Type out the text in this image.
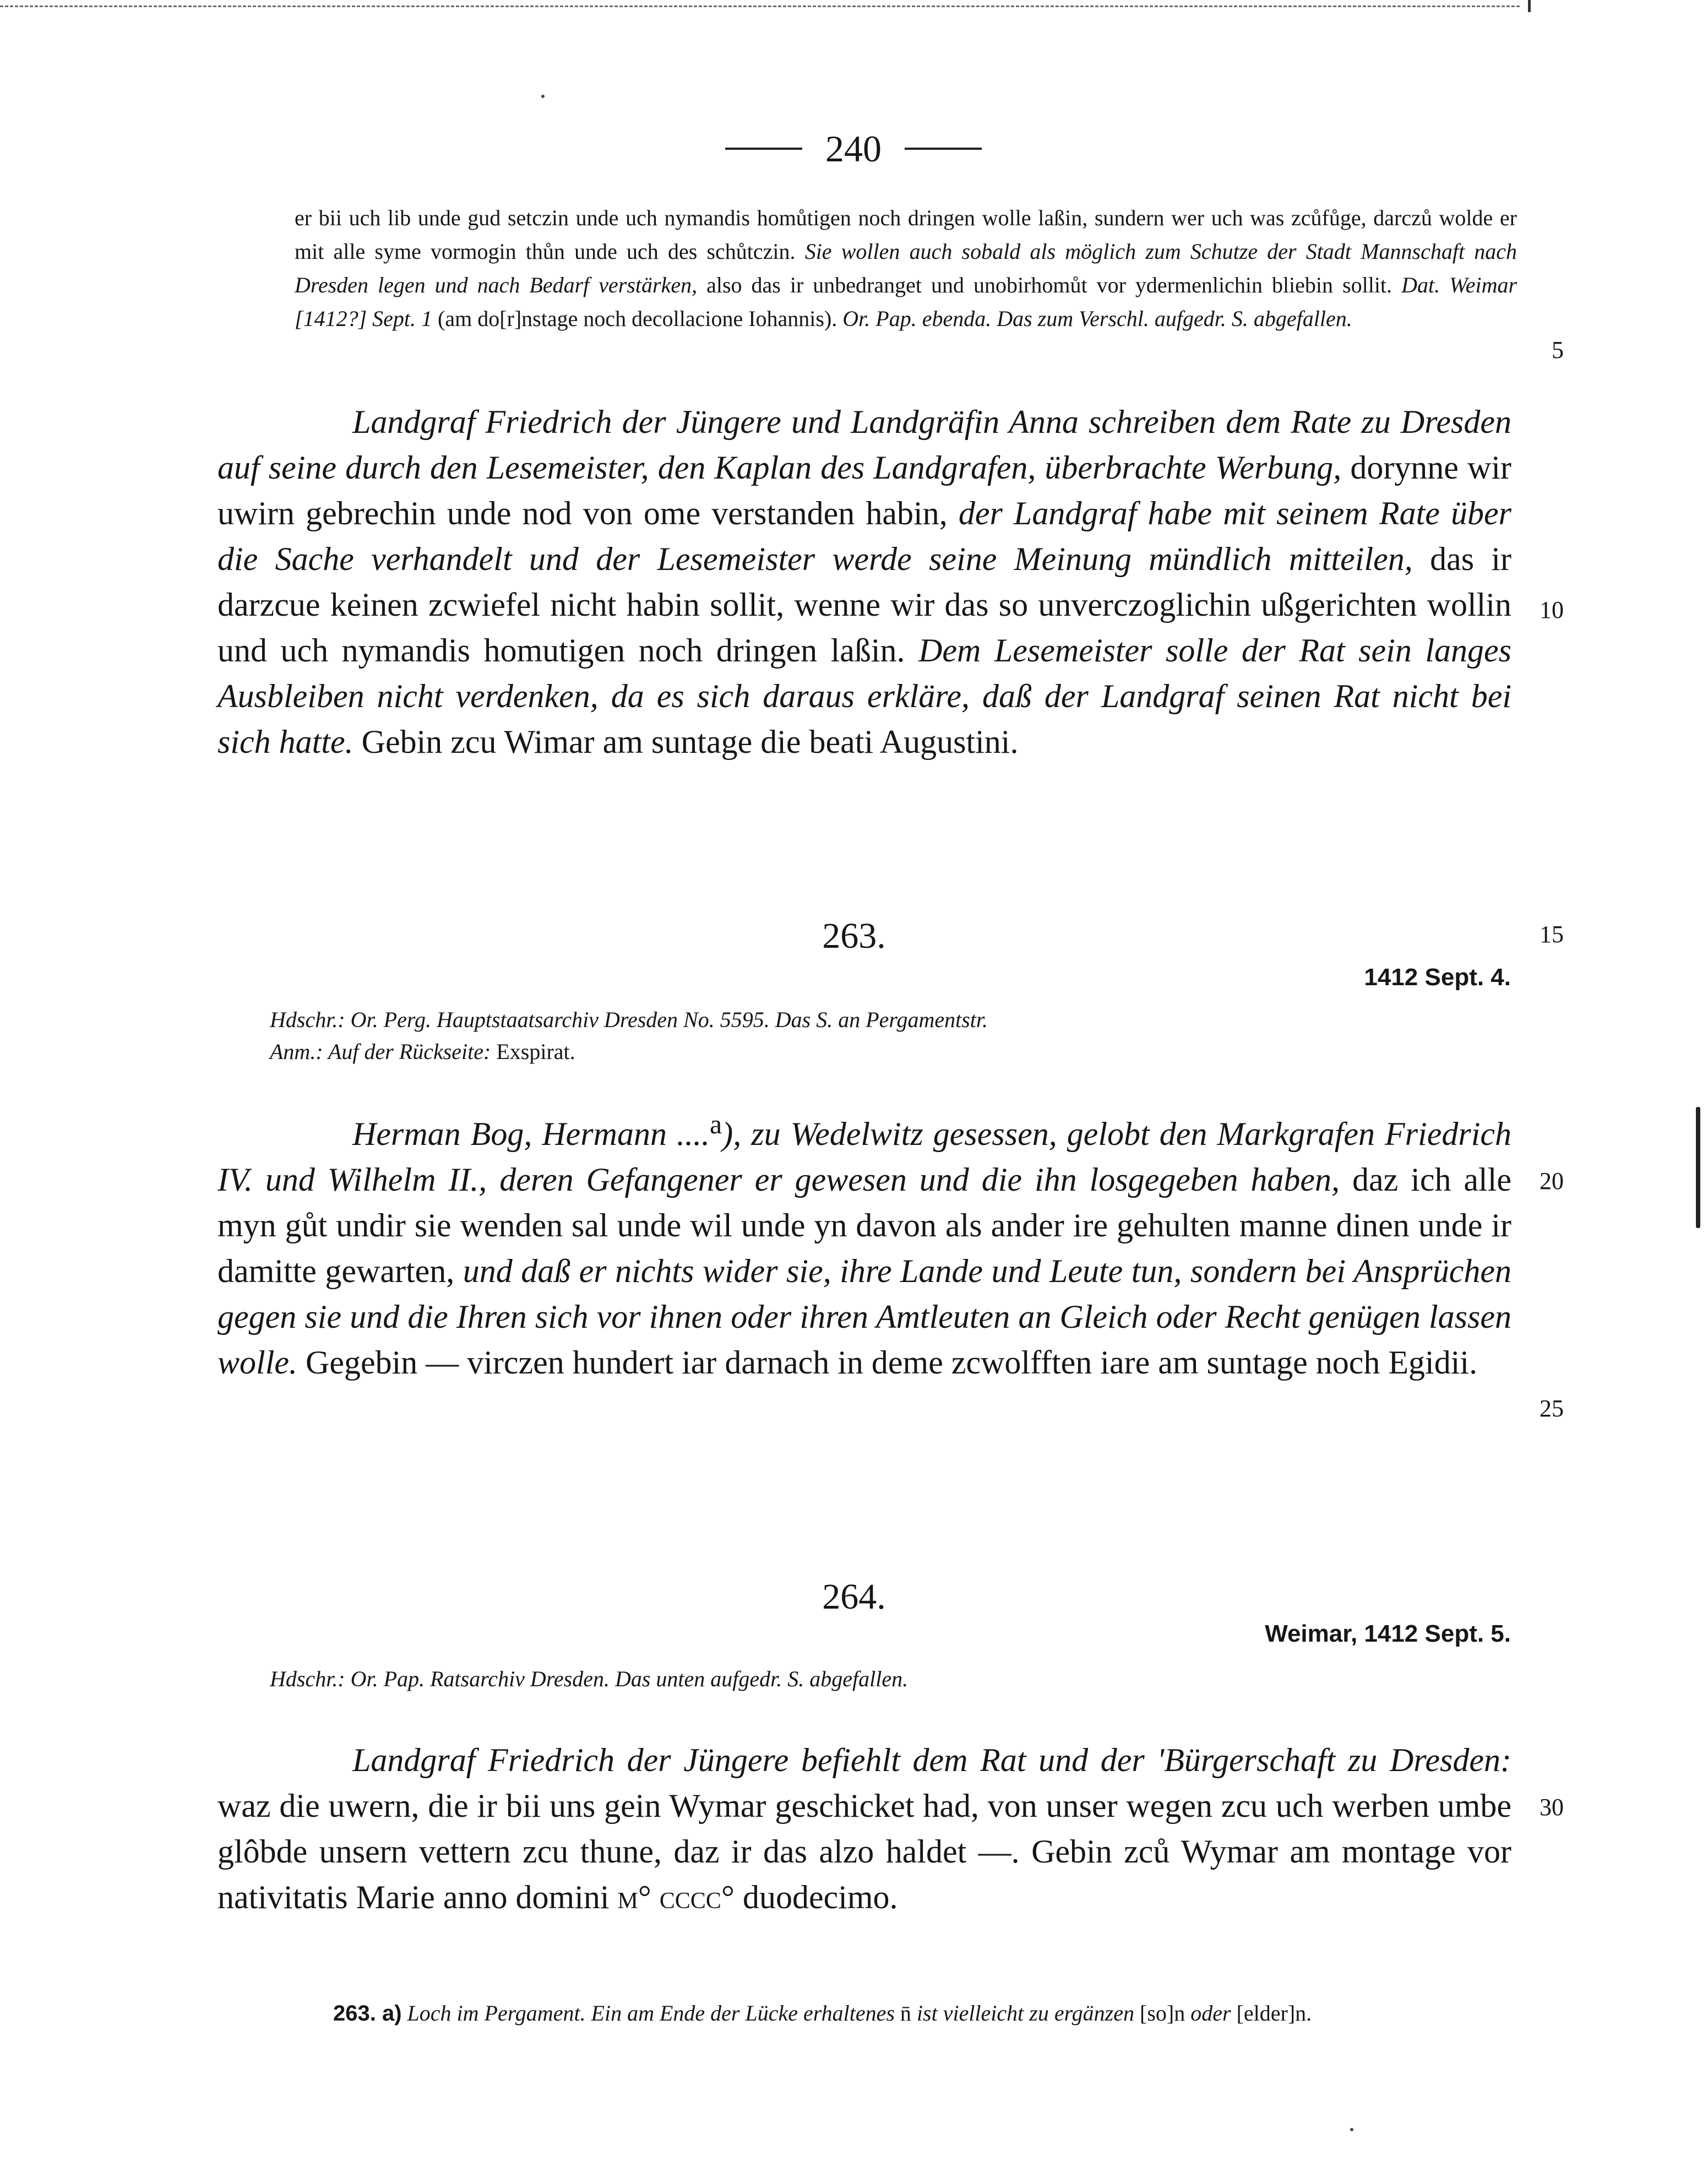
240

er bii uch lib unde gud setczin unde uch nymandis homůtigen noch dringen wolle laßin, sundern wer uch was zcůfůge, darczů wolde er mit alle syme vormogin thůn unde uch des schůtczin. Sie wollen auch sobald als möglich zum Schutze der Stadt Mannschaft nach Dresden legen und nach Bedarf verstärken, also das ir unbedranget und unobirhomůt vor ydermenlichin bliebin sollit. Dat. Weimar [1412?] Sept. 1 (am do[r]nstage noch decollacione Iohannis). Or. Pap. ebenda. Das zum Verschl. aufgedr. S. abgefallen.

Landgraf Friedrich der Jüngere und Landgräfin Anna schreiben dem Rate zu Dresden auf seine durch den Lesemeister, den Kaplan des Landgrafen, überbrachte Werbung, dorynne wir uwirn gebrechin unde nod von ome verstanden habin, der Landgraf habe mit seinem Rate über die Sache verhandelt und der Lesemeister werde seine Meinung mündlich mitteilen, das ir darzcue keinen zcwiefel nicht habin sollit, wenne wir das so unverczoglichin ußgerichten wollin und uch nymandis homutigen noch dringen laßin. Dem Lesemeister solle der Rat sein langes Ausbleiben nicht verdenken, da es sich daraus erkläre, daß der Landgraf seinen Rat nicht bei sich hatte. Gebin zcu Wimar am suntage die beati Augustini.

263.
1412 Sept. 4.
Hdschr.: Or. Perg. Hauptstaatsarchiv Dresden No. 5595. Das S. an Pergamentstr.
Anm.: Auf der Rückseite: Exspirat.

Herman Bog, Hermann ....$^a$), zu Wedelwitz gesessen, gelobt den Markgrafen Friedrich IV. und Wilhelm II., deren Gefangener er gewesen und die ihn losgegeben haben, daz ich alle myn gůt undir sie wenden sal unde wil unde yn davon als ander ire gehulten manne dinen unde ir damitte gewarten, und daß er nichts wider sie, ihre Lande und Leute tun, sondern bei Ansprüchen gegen sie und die Ihren sich vor ihnen oder ihren Amtleuten an Gleich oder Recht genügen lassen wolle. Gegebin — virczen hundert iar darnach in deme zcwolfften iare am suntage noch Egidii.

264.
Weimar, 1412 Sept. 5.
Hdschr.: Or. Pap. Ratsarchiv Dresden. Das unten aufgedr. S. abgefallen.

Landgraf Friedrich der Jüngere befiehlt dem Rat und der 'Bürgerschaft zu Dresden: waz die uwern, die ir bii uns gein Wymar geschicket had, von unser wegen zcu uch werben umbe glôbde unsern vettern zcu thune, daz ir das alzo haldet —. Gebin zců Wymar am montage vor nativitatis Marie anno domini m° cccc° duodecimo.

263. a) Loch im Pergament. Ein am Ende der Lücke erhaltenes n̄ ist vielleicht zu ergänzen [so]n oder [elder]n.
5
10
15
20
25
30
